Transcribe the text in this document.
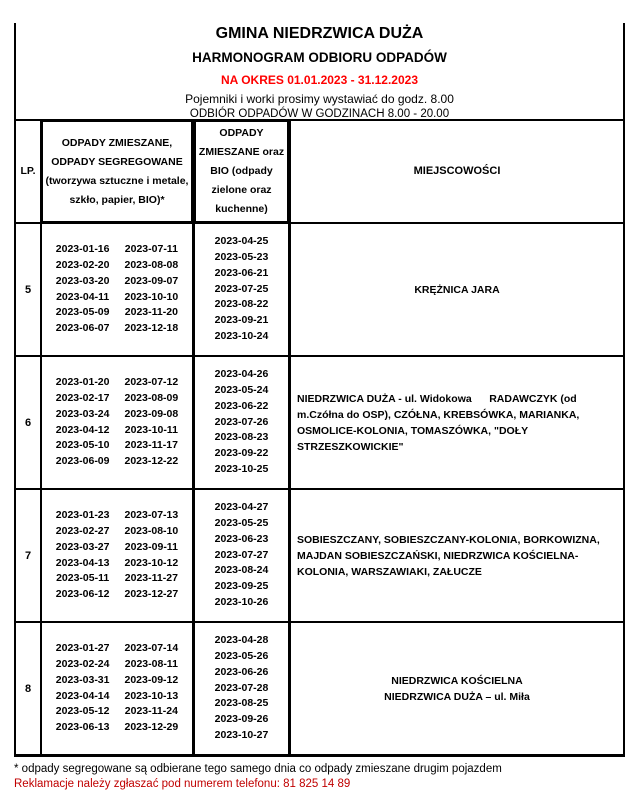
GMINA NIEDRZWICA DUŻA
HARMONOGRAM ODBIORU ODPADÓW
NA OKRES 01.01.2023 - 31.12.2023
Pojemniki i worki prosimy wystawiać do godz. 8.00
ODBIÓR ODPADÓW W GODZINACH 8.00 - 20.00
LP.
ODPADY ZMIESZANE, ODPADY SEGREGOWANE (tworzywa sztuczne i metale, szkło, papier, BIO)*
ODPADY ZMIESZANE oraz BIO (odpady zielone oraz kuchenne)
MIEJSCOWOŚCI
5
2023-01-16
2023-02-20
2023-03-20
2023-04-11
2023-05-09
2023-06-07
2023-07-11
2023-08-08
2023-09-07
2023-10-10
2023-11-20
2023-12-18
2023-04-25
2023-05-23
2023-06-21
2023-07-25
2023-08-22
2023-09-21
2023-10-24
KRĘŻNICA JARA
6
2023-01-20
2023-02-17
2023-03-24
2023-04-12
2023-05-10
2023-06-09
2023-07-12
2023-08-09
2023-09-08
2023-10-11
2023-11-17
2023-12-22
2023-04-26
2023-05-24
2023-06-22
2023-07-26
2023-08-23
2023-09-22
2023-10-25
NIEDRZWICA DUŻA - ul. Widokowa      RADAWCZYK (od m.Czółna do OSP), CZÓŁNA, KREBSÓWKA, MARIANKA, OSMOLICE-KOLONIA, TOMASZÓWKA, "DOŁY STRZESZKOWICKIE"
7
2023-01-23
2023-02-27
2023-03-27
2023-04-13
2023-05-11
2023-06-12
2023-07-13
2023-08-10
2023-09-11
2023-10-12
2023-11-27
2023-12-27
2023-04-27
2023-05-25
2023-06-23
2023-07-27
2023-08-24
2023-09-25
2023-10-26
SOBIESZCZANY, SOBIESZCZANY-KOLONIA, BORKOWIZNA, MAJDAN SOBIESZCZAŃSKI, NIEDRZWICA KOŚCIELNA-KOLONIA, WARSZAWIAKI, ZAŁUCZE
8
2023-01-27
2023-02-24
2023-03-31
2023-04-14
2023-05-12
2023-06-13
2023-07-14
2023-08-11
2023-09-12
2023-10-13
2023-11-24
2023-12-29
2023-04-28
2023-05-26
2023-06-26
2023-07-28
2023-08-25
2023-09-26
2023-10-27
NIEDRZWICA KOŚCIELNA
NIEDRZWICA DUŻA – ul. Miła
* odpady segregowane są odbierane tego samego dnia co odpady zmieszane drugim pojazdem
Reklamacje należy zgłaszać pod numerem telefonu: 81 825 14 89
